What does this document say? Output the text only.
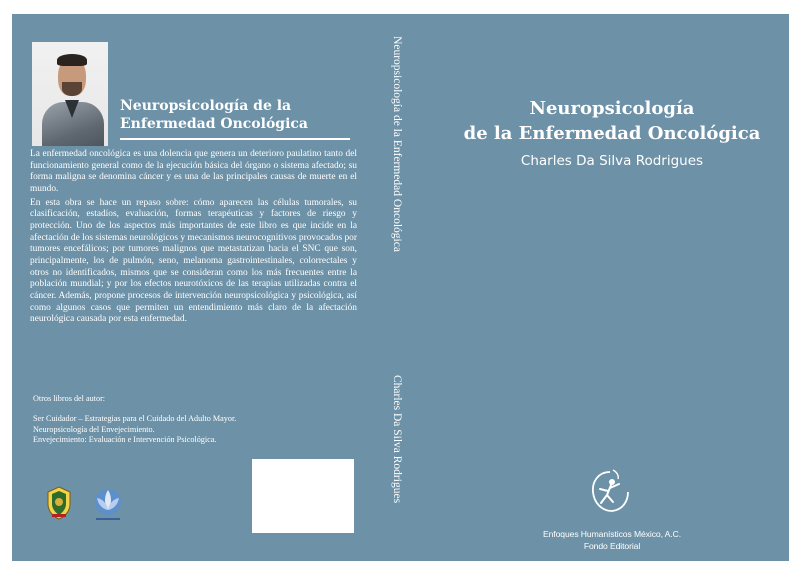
Neuropsicología de la
Enfermedad Oncológica

La enfermedad oncológica es una dolencia que genera un deterioro paulatino tanto del funcionamiento general como de la ejecución básica del órgano o sistema afectado; su forma maligna se denomina cáncer y es una de las principales causas de muerte en el mundo.

En esta obra se hace un repaso sobre: cómo aparecen las células tumorales, su clasificación, estadíos, evaluación, formas terapéuticas y factores de riesgo y protección. Uno de los aspectos más importantes de este libro es que incide en la afectación de los sistemas neurológicos y mecanismos neurocognitivos provocados por tumores encefálicos; por tumores malignos que metastatizan hacia el SNC que son, principalmente, los de pulmón, seno, melanoma gastrointestinales, colorrectales y otros no identificados, mismos que se consideran como los más frecuentes entre la población mundial; y por los efectos neurotóxicos de las terapias utilizadas contra el cáncer. Además, propone procesos de intervención neuropsicológica y psicológica, así como algunos casos que permiten un entendimiento más claro de la afectación neurológica causada por esta enfermedad.

Otros libros del autor:
Ser Cuidador – Estrategias para el Cuidado del Adulto Mayor.
Neuropsicología del Envejecimiento.
Envejecimiento: Evaluación e Intervención Psicológica.
Neuropsicología de la Enfermedad Oncológica
Charles Da Silva Rodrigues
Neuropsicología
de la Enfermedad Oncológica
Charles Da Silva Rodrigues
Enfoques Humanísticos México, A.C.
Fondo Editorial
